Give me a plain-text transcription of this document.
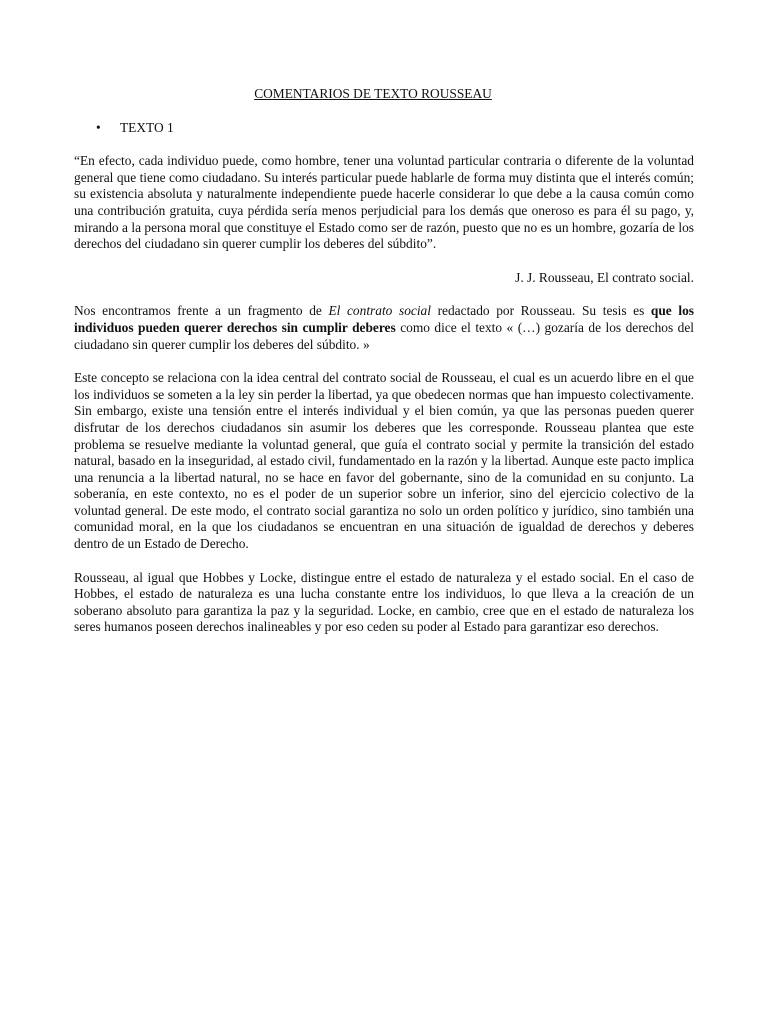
COMENTARIOS DE TEXTO ROUSSEAU
•	TEXTO 1

“En efecto, cada individuo puede, como hombre, tener una voluntad particular contraria o diferente de la voluntad general que tiene como ciudadano. Su interés particular puede hablarle de forma muy distinta que el interés común; su existencia absoluta y naturalmente independiente puede hacerle considerar lo que debe a la causa común como una contribución gratuita, cuya pérdida sería menos perjudicial para los demás que oneroso es para él su pago, y, mirando a la persona moral que constituye el Estado como ser de razón, puesto que no es un hombre, gozaría de los derechos del ciudadano sin querer cumplir los deberes del súbdito”.

J. J. Rousseau, El contrato social.

Nos encontramos frente a un fragmento de El contrato social redactado por Rousseau. Su tesis es que los individuos pueden querer derechos sin cumplir deberes como dice el texto « (…) gozaría de los derechos del ciudadano sin querer cumplir los deberes del súbdito. »

Este concepto se relaciona con la idea central del contrato social de Rousseau, el cual es un acuerdo libre en el que los individuos se someten a la ley sin perder la libertad, ya que obedecen normas que han impuesto colectivamente. Sin embargo, existe una tensión entre el interés individual y el bien común, ya que las personas pueden querer disfrutar de los derechos ciudadanos sin asumir los deberes que les corresponde. Rousseau plantea que este problema se resuelve mediante la voluntad general, que guía el contrato social y permite la transición del estado natural, basado en la inseguridad, al estado civil, fundamentado en la razón y la libertad. Aunque este pacto implica una renuncia a la libertad natural, no se hace en favor del gobernante, sino de la comunidad en su conjunto. La soberanía, en este contexto, no es el poder de un superior sobre un inferior, sino del ejercicio colectivo de la voluntad general. De este modo, el contrato social garantiza no solo un orden político y jurídico, sino también una comunidad moral, en la que los ciudadanos se encuentran en una situación de igualdad de derechos y deberes dentro de un Estado de Derecho.

Rousseau, al igual que Hobbes y Locke, distingue entre el estado de naturaleza y el estado social. En el caso de Hobbes, el estado de naturaleza es una lucha constante entre los individuos, lo que lleva a la creación de un soberano absoluto para garantiza la paz y la seguridad. Locke, en cambio, cree que en el estado de naturaleza los seres humanos poseen derechos inalineables y por eso ceden su poder al Estado para garantizar eso derechos.
